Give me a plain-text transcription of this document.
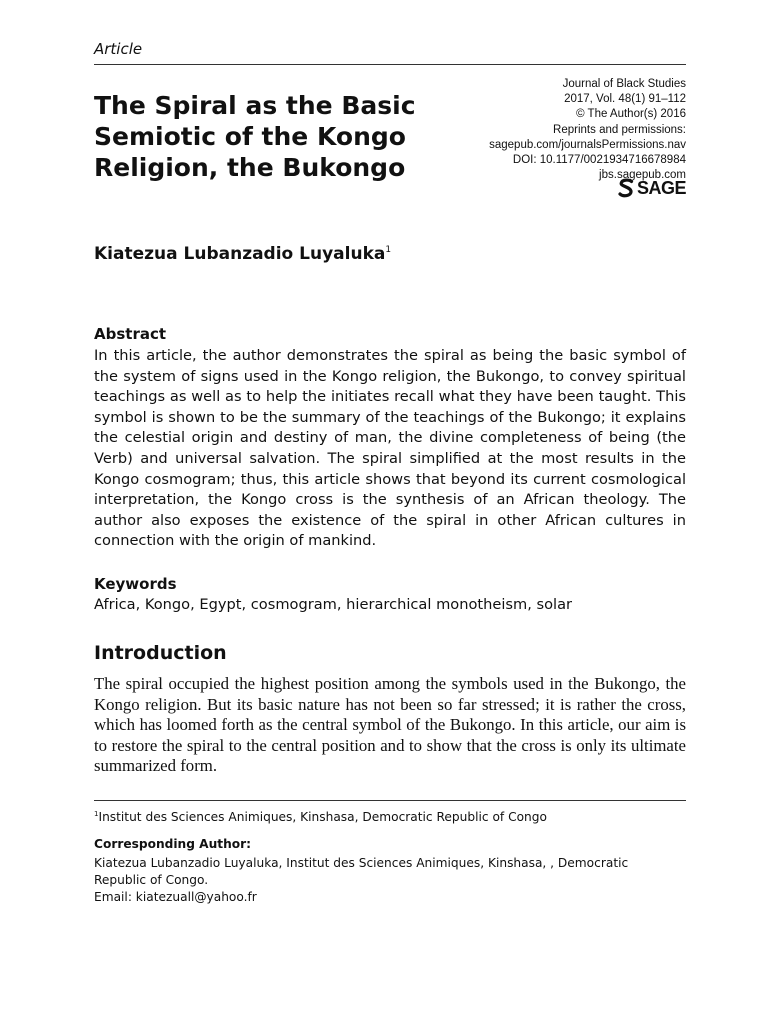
Article
The Spiral as the Basic Semiotic of the Kongo Religion, the Bukongo
Journal of Black Studies
2017, Vol. 48(1) 91–112
© The Author(s) 2016
Reprints and permissions:
sagepub.com/journalsPermissions.nav
DOI: 10.1177/0021934716678984
jbs.sagepub.com
SAGE
Kiatezua Lubanzadio Luyaluka$^1$
Abstract
In this article, the author demonstrates the spiral as being the basic symbol of the system of signs used in the Kongo religion, the Bukongo, to convey spiritual teachings as well as to help the initiates recall what they have been taught. This symbol is shown to be the summary of the teachings of the Bukongo; it explains the celestial origin and destiny of man, the divine completeness of being (the Verb) and universal salvation. The spiral simplified at the most results in the Kongo cosmogram; thus, this article shows that beyond its current cosmological interpretation, the Kongo cross is the synthesis of an African theology. The author also exposes the existence of the spiral in other African cultures in connection with the origin of mankind.
Keywords
Africa, Kongo, Egypt, cosmogram, hierarchical monotheism, solar
Introduction
The spiral occupied the highest position among the symbols used in the Bukongo, the Kongo religion. But its basic nature has not been so far stressed; it is rather the cross, which has loomed forth as the central symbol of the Bukongo. In this article, our aim is to restore the spiral to the central position and to show that the cross is only its ultimate summarized form.
$^1$Institut des Sciences Animiques, Kinshasa, Democratic Republic of Congo
Corresponding Author:
Kiatezua Lubanzadio Luyaluka, Institut des Sciences Animiques, Kinshasa, , Democratic Republic of Congo.
Email: kiatezuall@yahoo.fr
